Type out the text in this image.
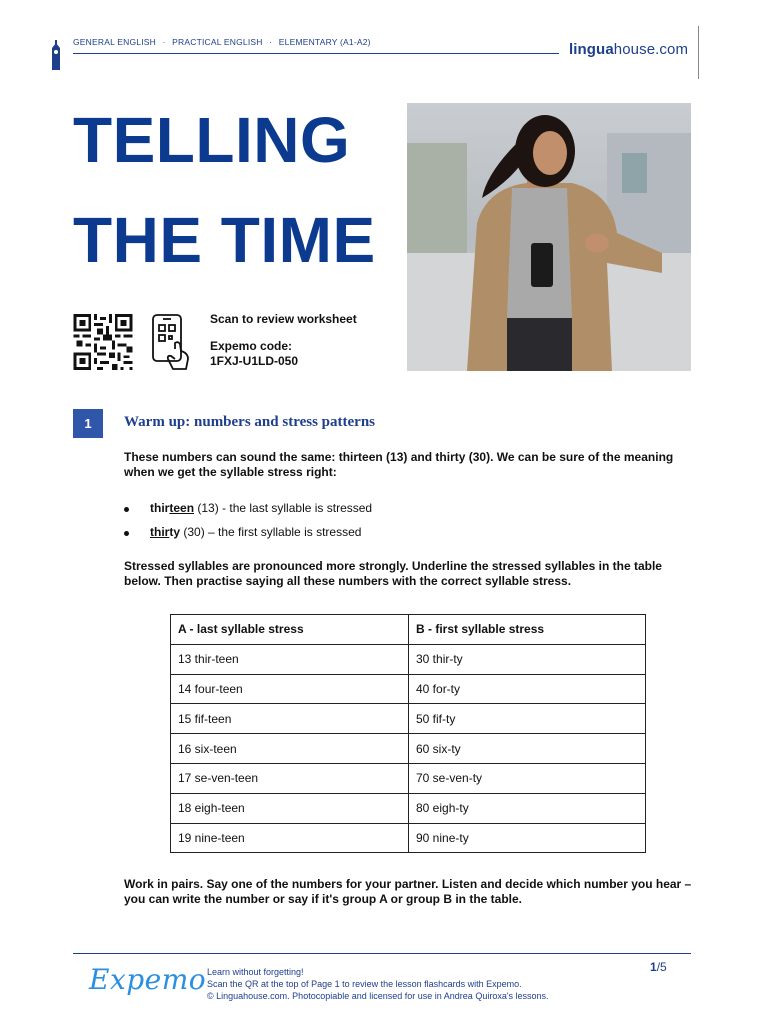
GENERAL ENGLISH · PRACTICAL ENGLISH · ELEMENTARY (A1-A2)	linguahouse.com
TELLING
THE TIME
Scan to review worksheet
Expemo code:
1FXJ-U1LD-050
1	Warm up: numbers and stress patterns
These numbers can sound the same: thirteen (13) and thirty (30). We can be sure of the meaning when we get the syllable stress right:
thirteen (13) - the last syllable is stressed
thirty (30) – the first syllable is stressed
Stressed syllables are pronounced more strongly. Underline the stressed syllables in the table below. Then practise saying all these numbers with the correct syllable stress.
A - last syllable stress	B - first syllable stress
13 thir-teen	30 thir-ty
14 four-teen	40 for-ty
15 fif-teen	50 fif-ty
16 six-teen	60 six-ty
17 se-ven-teen	70 se-ven-ty
18 eigh-teen	80 eigh-ty
19 nine-teen	90 nine-ty
Work in pairs. Say one of the numbers for your partner. Listen and decide which number you hear – you can write the number or say if it's group A or group B in the table.
Expemo Learn without forgetting!
Scan the QR at the top of Page 1 to review the lesson flashcards with Expemo.
© Linguahouse.com. Photocopiable and licensed for use in Andrea Quiroxa's lessons.
1/5
